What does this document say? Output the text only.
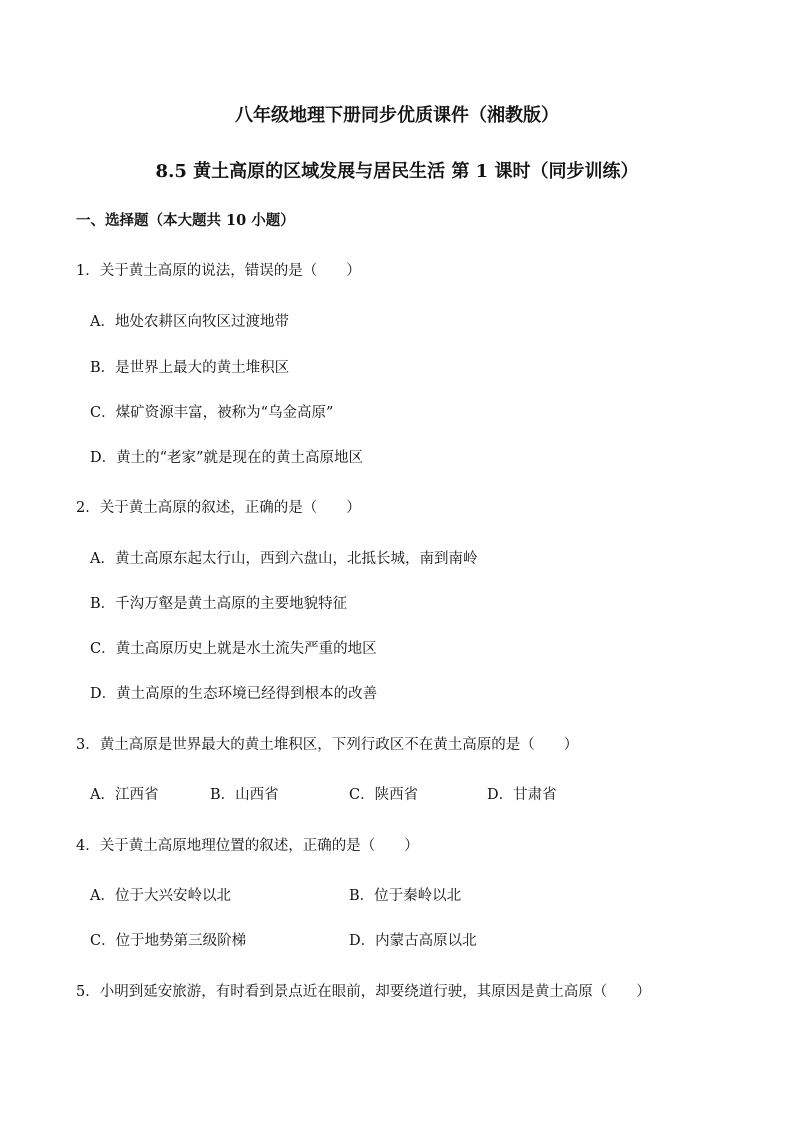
八年级地理下册同步优质课件（湘教版）
8.5 黄土高原的区域发展与居民生活 第 1 课时（同步训练）
一、选择题（本大题共 10 小题）
1．关于黄土高原的说法，错误的是（　　）
A．地处农耕区向牧区过渡地带
B．是世界上最大的黄土堆积区
C．煤矿资源丰富，被称为“乌金高原”
D．黄土的“老家”就是现在的黄土高原地区
2．关于黄土高原的叙述，正确的是（　　）
A．黄土高原东起太行山，西到六盘山，北抵长城，南到南岭
B．千沟万壑是黄土高原的主要地貌特征
C．黄土高原历史上就是水土流失严重的地区
D．黄土高原的生态环境已经得到根本的改善
3．黄土高原是世界最大的黄土堆积区，下列行政区不在黄土高原的是（　　）
A．江西省	B．山西省	C．陕西省	D．甘肃省
4．关于黄土高原地理位置的叙述，正确的是（　　）
A．位于大兴安岭以北	B．位于秦岭以北
C．位于地势第三级阶梯	D．内蒙古高原以北
5．小明到延安旅游，有时看到景点近在眼前，却要绕道行驶，其原因是黄土高原（　　）
